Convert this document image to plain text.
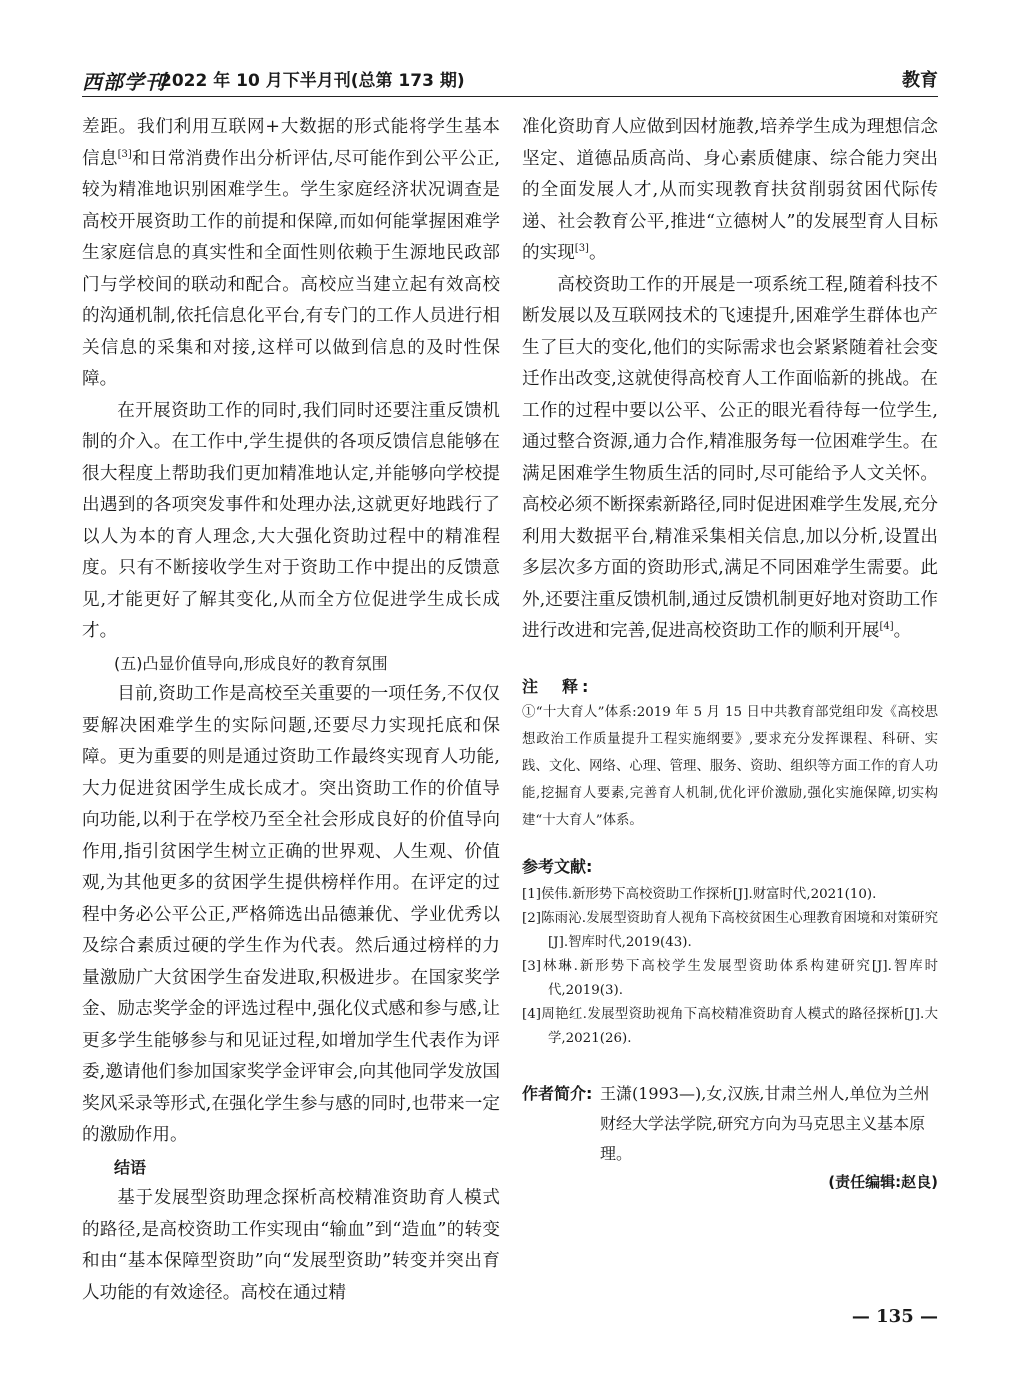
西部学刊
2022 年 10 月下半月刊(总第 173 期)	教育

差距。我们利用互联网+大数据的形式能将学生基本信息[3]和日常消费作出分析评估,尽可能作到公平公正,较为精准地识别困难学生。学生家庭经济状况调查是高校开展资助工作的前提和保障,而如何能掌握困难学生家庭信息的真实性和全面性则依赖于生源地民政部门与学校间的联动和配合。高校应当建立起有效高校的沟通机制,依托信息化平台,有专门的工作人员进行相关信息的采集和对接,这样可以做到信息的及时性保障。

在开展资助工作的同时,我们同时还要注重反馈机制的介入。在工作中,学生提供的各项反馈信息能够在很大程度上帮助我们更加精准地认定,并能够向学校提出遇到的各项突发事件和处理办法,这就更好地践行了以人为本的育人理念,大大强化资助过程中的精准程度。只有不断接收学生对于资助工作中提出的反馈意见,才能更好了解其变化,从而全方位促进学生成长成才。

(五)凸显价值导向,形成良好的教育氛围

目前,资助工作是高校至关重要的一项任务,不仅仅要解决困难学生的实际问题,还要尽力实现托底和保障。更为重要的则是通过资助工作最终实现育人功能,大力促进贫困学生成长成才。突出资助工作的价值导向功能,以利于在学校乃至全社会形成良好的价值导向作用,指引贫困学生树立正确的世界观、人生观、价值观,为其他更多的贫困学生提供榜样作用。在评定的过程中务必公平公正,严格筛选出品德兼优、学业优秀以及综合素质过硬的学生作为代表。然后通过榜样的力量激励广大贫困学生奋发进取,积极进步。在国家奖学金、励志奖学金的评选过程中,强化仪式感和参与感,让更多学生能够参与和见证过程,如增加学生代表作为评委,邀请他们参加国家奖学金评审会,向其他同学发放国奖风采录等形式,在强化学生参与感的同时,也带来一定的激励作用。

结语

基于发展型资助理念探析高校精准资助育人模式的路径,是高校资助工作实现由“输血”到“造血”的转变和由“基本保障型资助”向“发展型资助”转变并突出育人功能的有效途径。高校在通过精

准化资助育人应做到因材施教,培养学生成为理想信念坚定、道德品质高尚、身心素质健康、综合能力突出的全面发展人才,从而实现教育扶贫削弱贫困代际传递、社会教育公平,推进“立德树人”的发展型育人目标的实现[3]。

高校资助工作的开展是一项系统工程,随着科技不断发展以及互联网技术的飞速提升,困难学生群体也产生了巨大的变化,他们的实际需求也会紧紧随着社会变迁作出改变,这就使得高校育人工作面临新的挑战。在工作的过程中要以公平、公正的眼光看待每一位学生,通过整合资源,通力合作,精准服务每一位困难学生。在满足困难学生物质生活的同时,尽可能给予人文关怀。高校必须不断探索新路径,同时促进困难学生发展,充分利用大数据平台,精准采集相关信息,加以分析,设置出多层次多方面的资助形式,满足不同困难学生需要。此外,还要注重反馈机制,通过反馈机制更好地对资助工作进行改进和完善,促进高校资助工作的顺利开展[4]。

注　释:

①“十大育人”体系:2019 年 5 月 15 日中共教育部党组印发《高校思想政治工作质量提升工程实施纲要》,要求充分发挥课程、科研、实践、文化、网络、心理、管理、服务、资助、组织等方面工作的育人功能,挖掘育人要素,完善育人机制,优化评价激励,强化实施保障,切实构建“十大育人”体系。

参考文献:

[1]侯伟.新形势下高校资助工作探析[J].财富时代,2021(10).

[2]陈雨沁.发展型资助育人视角下高校贫困生心理教育困境和对策研究[J].智库时代,2019(43).

[3]林琳.新形势下高校学生发展型资助体系构建研究[J].智库时代,2019(3).

[4]周艳红.发展型资助视角下高校精准资助育人模式的路径探析[J].大学,2021(26).

作者简介: 王潇(1993—),女,汉族,甘肃兰州人,单位为兰州财经大学法学院,研究方向为马克思主义基本原理。

(责任编辑:赵良)

— 135 —
